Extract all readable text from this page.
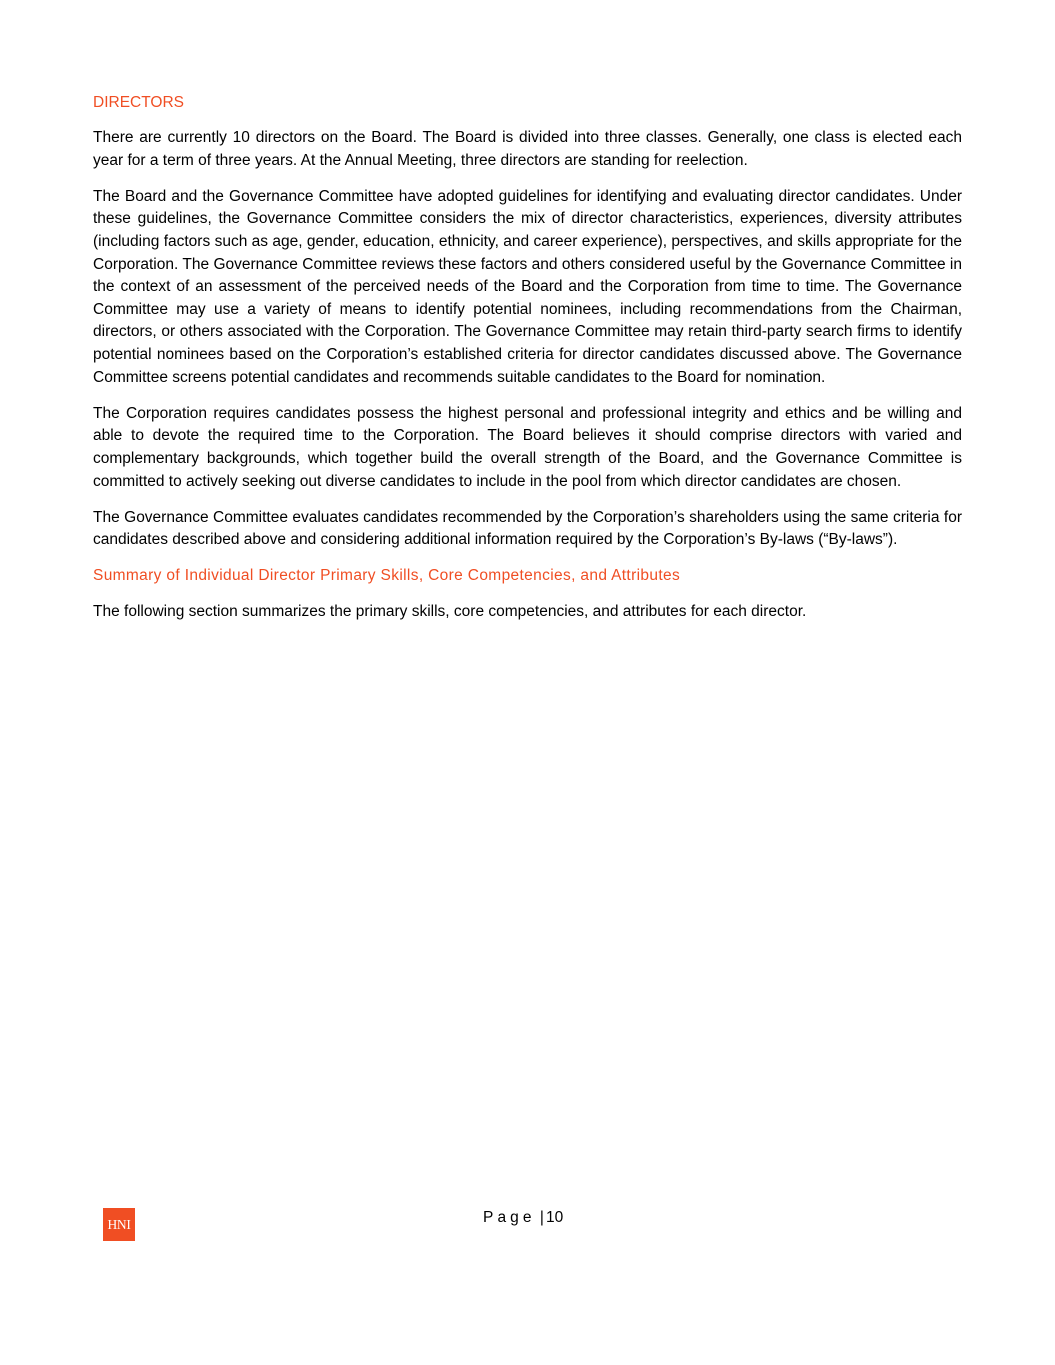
DIRECTORS

There are currently 10 directors on the Board. The Board is divided into three classes. Generally, one class is elected each year for a term of three years. At the Annual Meeting, three directors are standing for reelection.

The Board and the Governance Committee have adopted guidelines for identifying and evaluating director candidates. Under these guidelines, the Governance Committee considers the mix of director characteristics, experiences, diversity attributes (including factors such as age, gender, education, ethnicity, and career experience), perspectives, and skills appropriate for the Corporation. The Governance Committee reviews these factors and others considered useful by the Governance Committee in the context of an assessment of the perceived needs of the Board and the Corporation from time to time. The Governance Committee may use a variety of means to identify potential nominees, including recommendations from the Chairman, directors, or others associated with the Corporation. The Governance Committee may retain third-party search firms to identify potential nominees based on the Corporation’s established criteria for director candidates discussed above. The Governance Committee screens potential candidates and recommends suitable candidates to the Board for nomination.

The Corporation requires candidates possess the highest personal and professional integrity and ethics and be willing and able to devote the required time to the Corporation. The Board believes it should comprise directors with varied and complementary backgrounds, which together build the overall strength of the Board, and the Governance Committee is committed to actively seeking out diverse candidates to include in the pool from which director candidates are chosen.

The Governance Committee evaluates candidates recommended by the Corporation’s shareholders using the same criteria for candidates described above and considering additional information required by the Corporation’s By-laws (“By-laws”).

Summary of Individual Director Primary Skills, Core Competencies, and Attributes

The following section summarizes the primary skills, core competencies, and attributes for each director.

HNI	Page | 10
